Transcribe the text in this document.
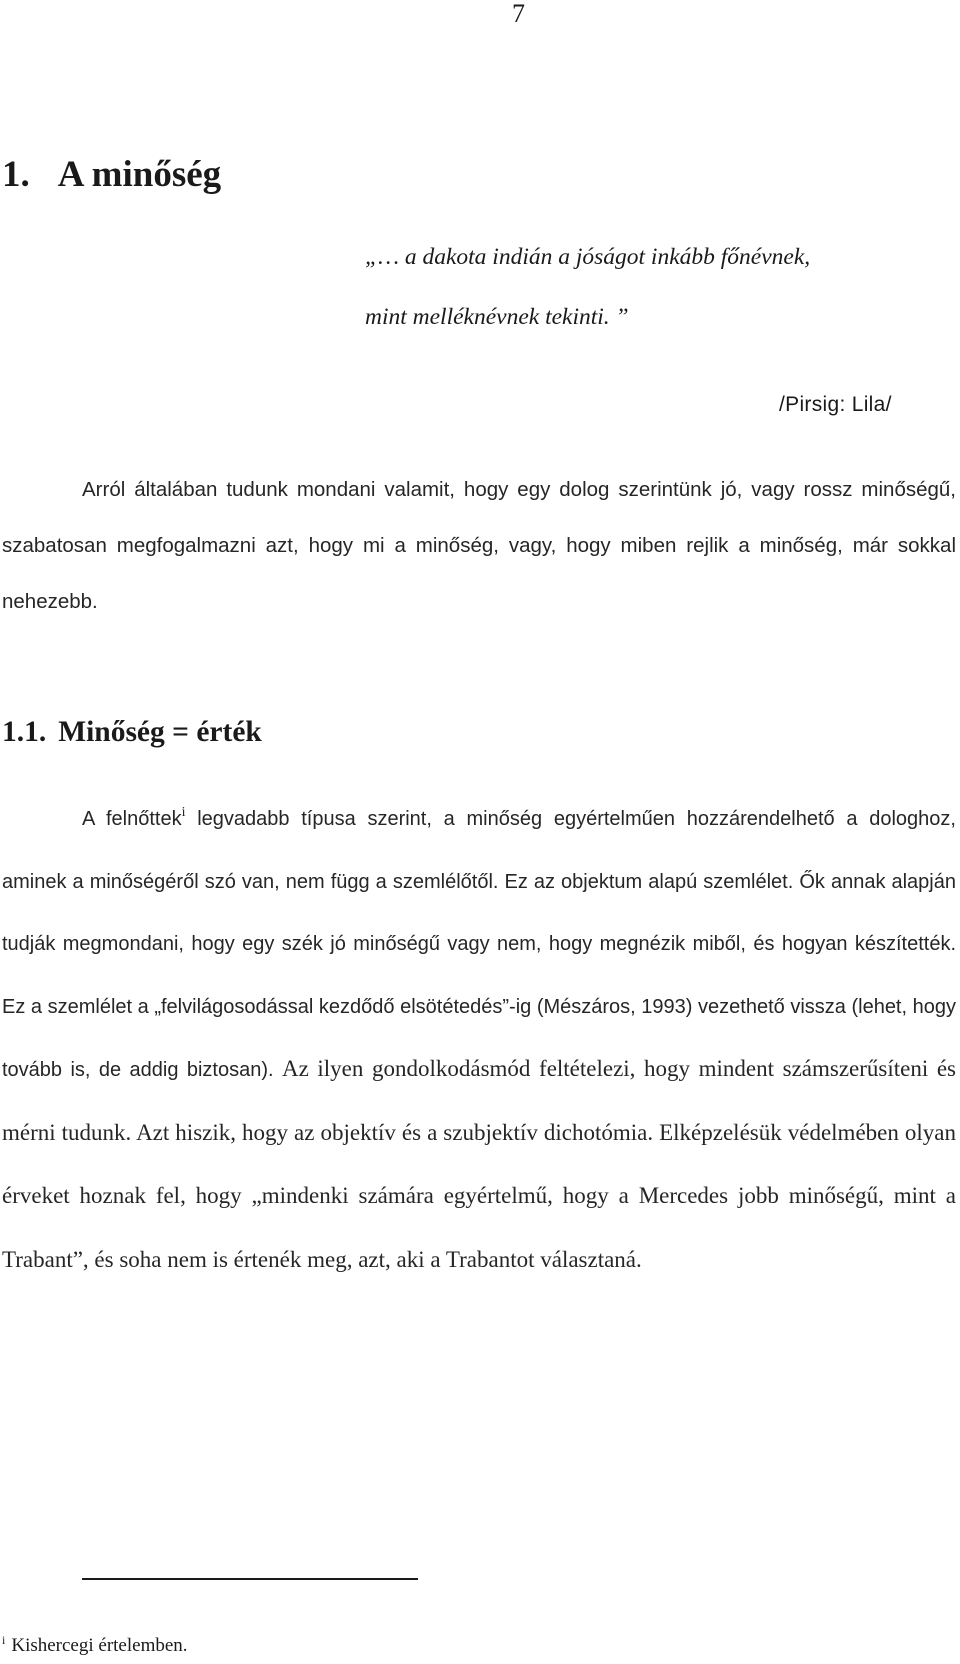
7
1. A minőség
„… a dakota indián a jóságot inkább főnévnek,
mint melléknévnek tekinti. ”
/Pirsig: Lila/

Arról általában tudunk mondani valamit, hogy egy dolog szerintünk jó, vagy rossz minőségű, szabatosan megfogalmazni azt, hogy mi a minőség, vagy, hogy miben rejlik a minőség, már sokkal nehezebb.

1.1. Minőség = érték

A felnőttek$^i$ legvadabb típusa szerint, a minőség egyértelműen hozzárendelhető a dologhoz, aminek a minőségéről szó van, nem függ a szemlélőtől. Ez az objektum alapú szemlélet. Ők annak alapján tudják megmondani, hogy egy szék jó minőségű vagy nem, hogy megnézik miből, és hogyan készítették. Ez a szemlélet a „felvilágosodással kezdődő elsötétedés”-ig (Mészáros, 1993) vezethető vissza (lehet, hogy tovább is, de addig biztosan). Az ilyen gondolkodásmód feltételezi, hogy mindent számszerűsíteni és mérni tudunk. Azt hiszik, hogy az objektív és a szubjektív dichotómia. Elképzelésük védelmében olyan érveket hoznak fel, hogy „mindenki számára egyértelmű, hogy a Mercedes jobb minőségű, mint a Trabant”, és soha nem is értenék meg, azt, aki a Trabantot választaná.

$^i$ Kishercegi értelemben.
